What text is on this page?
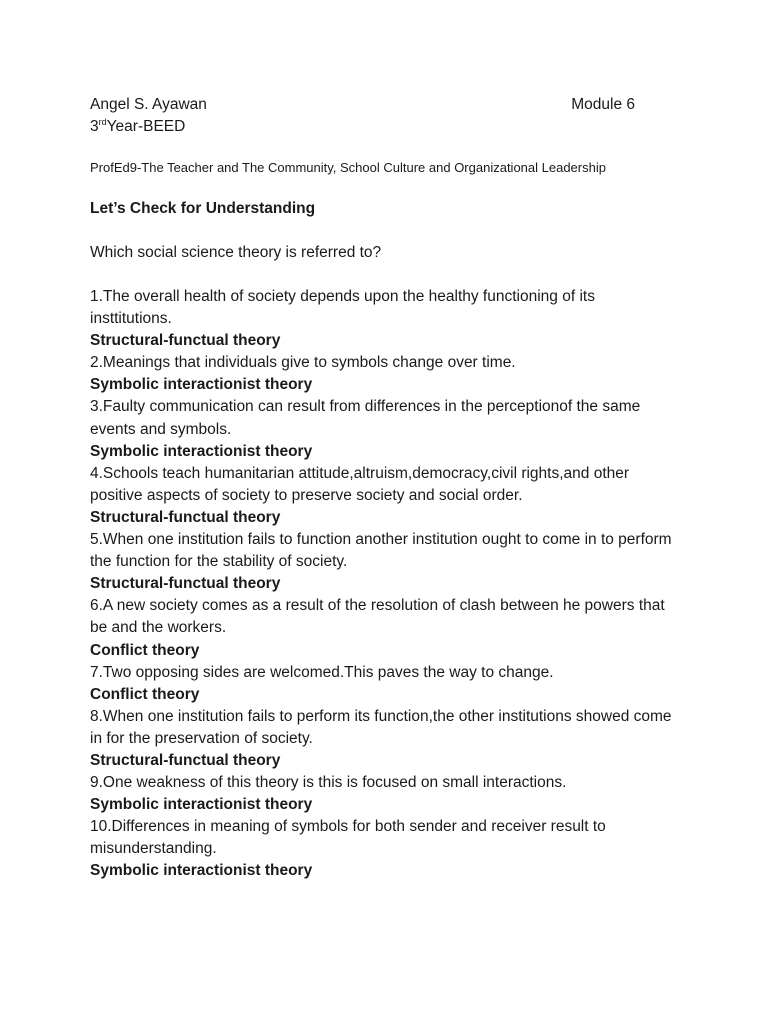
Angel S. Ayawan	Module 6
3rdYear-BEED
ProfEd9-The Teacher and The Community, School Culture and Organizational Leadership
Let’s Check for Understanding
Which social science theory is referred to?

1.The overall health of society depends upon the healthy functioning of its insttitutions.

Structural-functual theory

2.Meanings that individuals give to symbols change over time.

Symbolic interactionist theory

3.Faulty communication can result from differences in the perceptionof the same events and symbols.

Symbolic interactionist theory

4.Schools teach humanitarian attitude,altruism,democracy,civil rights,and other positive aspects of society to preserve society and social order.

Structural-functual theory

5.When one institution fails to function another institution ought to come in to perform the function for the stability of society.

Structural-functual theory

6.A new society comes as a result of the resolution of clash between he powers that be and the workers.

Conflict theory

7.Two opposing sides are welcomed.This paves the way to change.

Conflict theory

8.When one institution fails to perform its function,the other institutions showed come in for the preservation of society.

Structural-functual theory

9.One weakness of this theory is this is focused on small interactions.

Symbolic interactionist theory

10.Differences in meaning of symbols for both sender and receiver result to misunderstanding.

Symbolic interactionist theory
